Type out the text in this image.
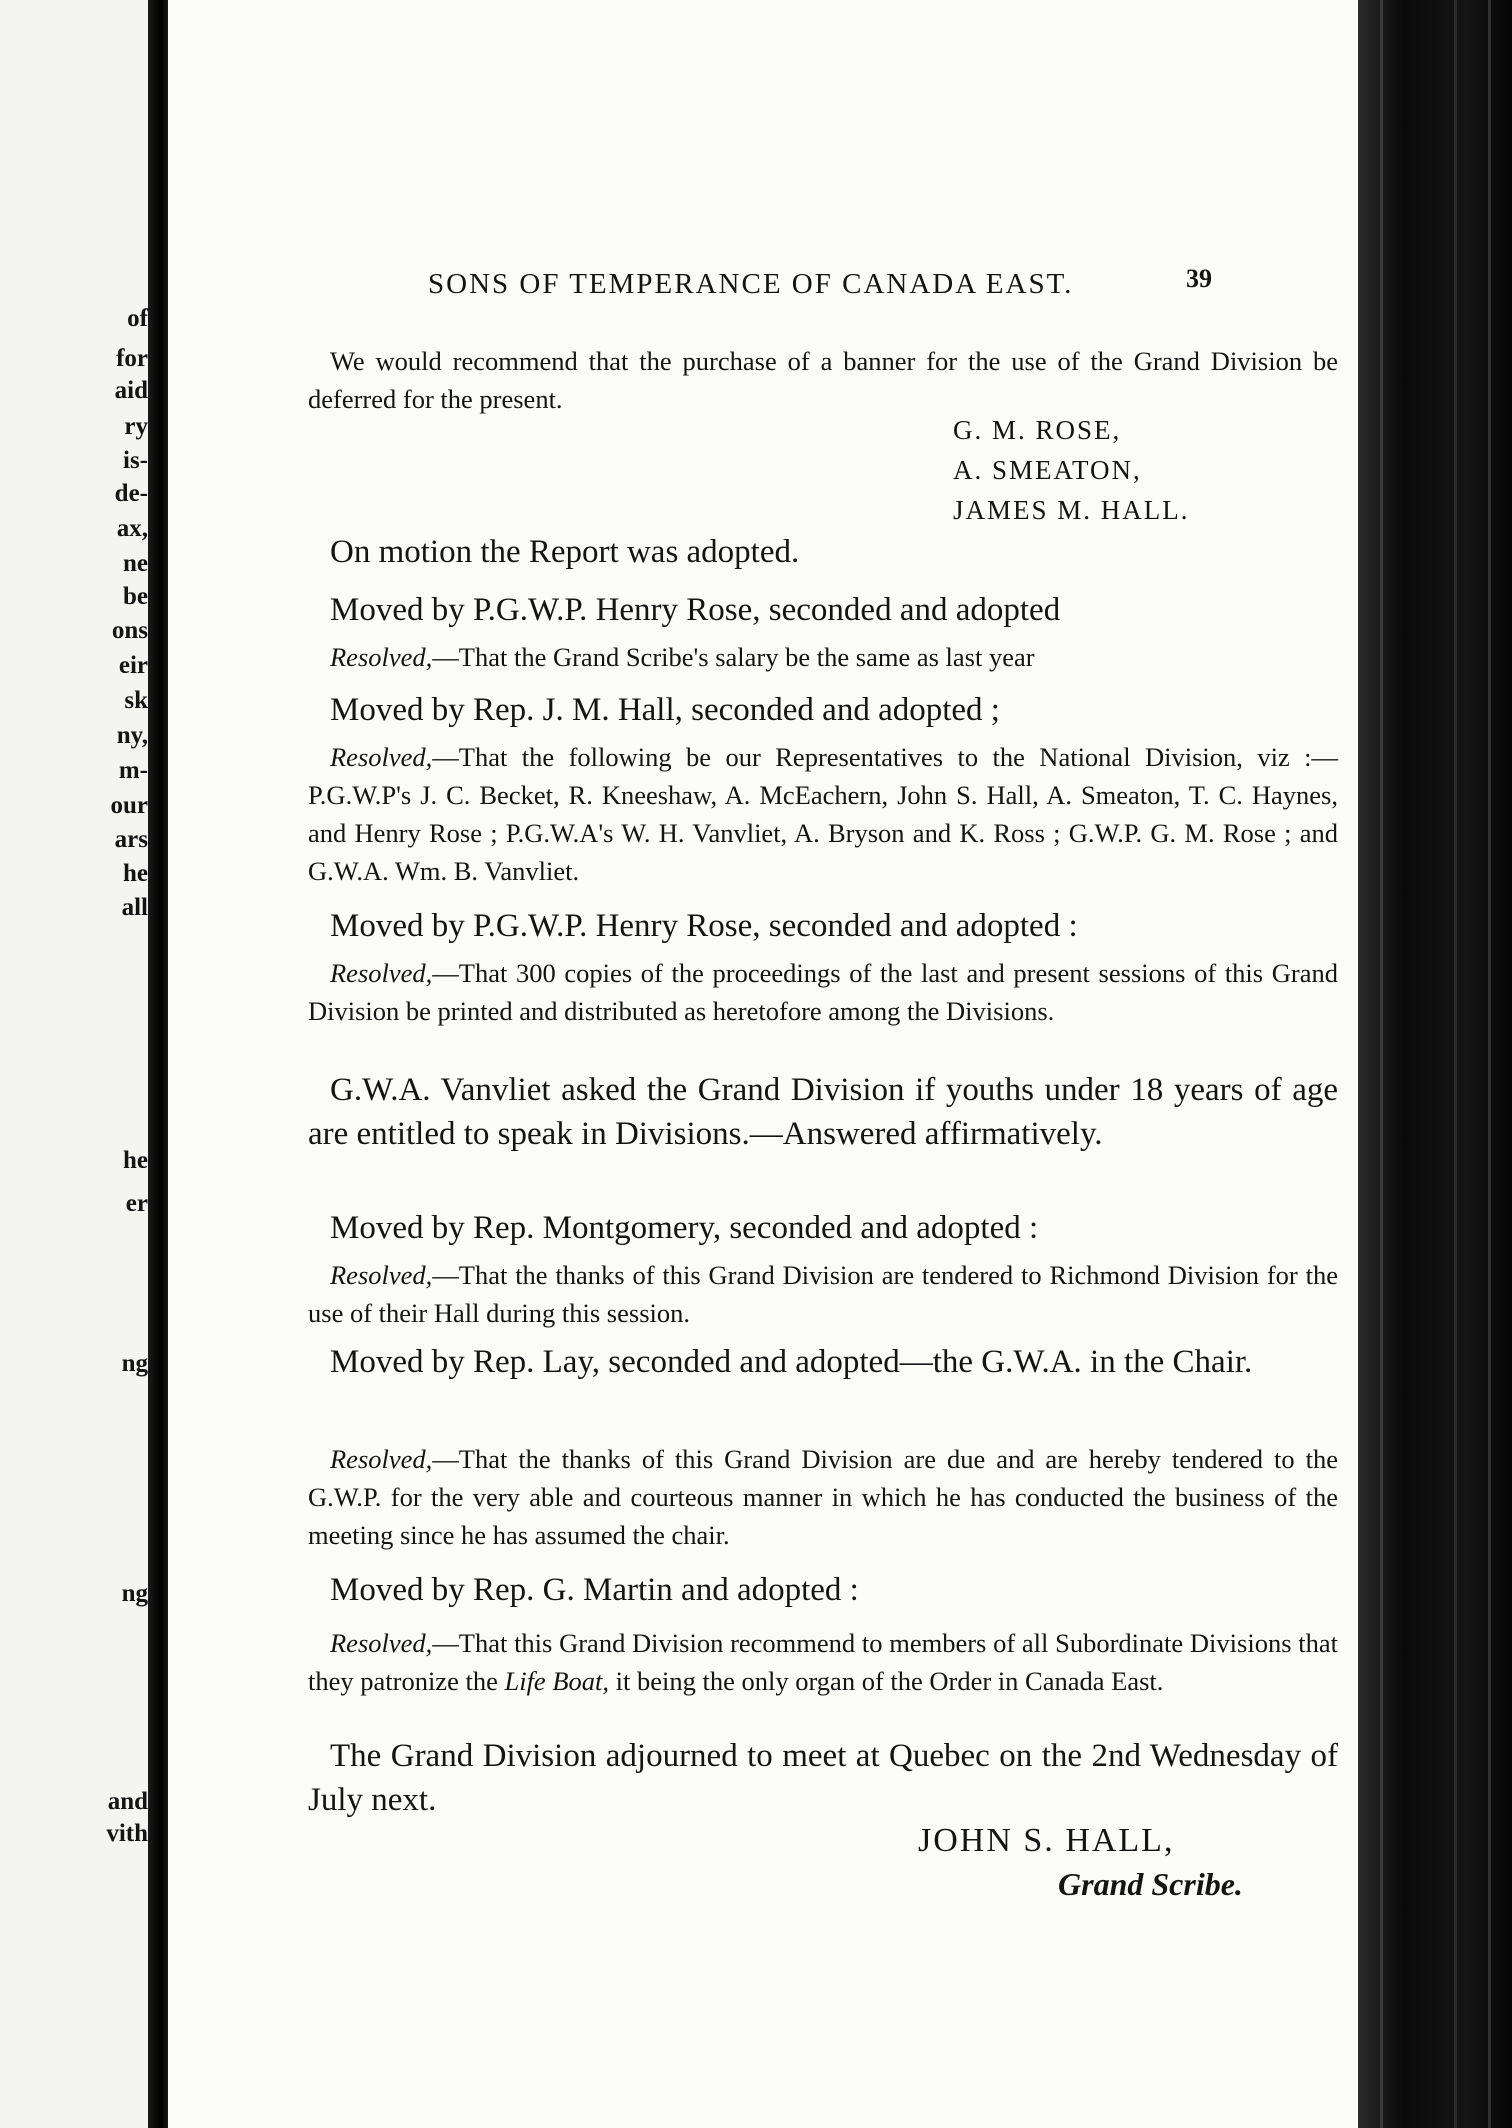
of
for
aid
ry
is-
de-
ax,
ne
be
ons
eir
sk
ny,
m-
our
ars
he
all
he
er
ng
ng
and
vith
SONS OF TEMPERANCE OF CANADA EAST.	39
We would recommend that the purchase of a banner for the use of the Grand Division be deferred for the present.
G. M. ROSE,
A. SMEATON,
JAMES M. HALL.
On motion the Report was adopted.
Moved by P.G.W.P. Henry Rose, seconded and adopted
Resolved,—That the Grand Scribe's salary be the same as last year
Moved by Rep. J. M. Hall, seconded and adopted ;
Resolved,—That the following be our Representatives to the National Division, viz :—P.G.W.P's J. C. Becket, R. Kneeshaw, A. McEachern, John S. Hall, A. Smeaton, T. C. Haynes, and Henry Rose ; P.G.W.A's W. H. Vanvliet, A. Bryson and K. Ross ; G.W.P. G. M. Rose ; and G.W.A. Wm. B. Vanvliet.
Moved by P.G.W.P. Henry Rose, seconded and adopted :
Resolved,—That 300 copies of the proceedings of the last and present sessions of this Grand Division be printed and distributed as heretofore among the Divisions.
G.W.A. Vanvliet asked the Grand Division if youths under 18 years of age are entitled to speak in Divisions.—Answered affirmatively.
Moved by Rep. Montgomery, seconded and adopted :
Resolved,—That the thanks of this Grand Division are tendered to Richmond Division for the use of their Hall during this session.
Moved by Rep. Lay, seconded and adopted—the G.W.A. in the Chair.
Resolved,—That the thanks of this Grand Division are due and are hereby tendered to the G.W.P. for the very able and courteous manner in which he has conducted the business of the meeting since he has assumed the chair.
Moved by Rep. G. Martin and adopted :
Resolved,—That this Grand Division recommend to members of all Subordinate Divisions that they patronize the Life Boat, it being the only organ of the Order in Canada East.
The Grand Division adjourned to meet at Quebec on the 2nd Wednesday of July next.
JOHN S. HALL,
Grand Scribe.
